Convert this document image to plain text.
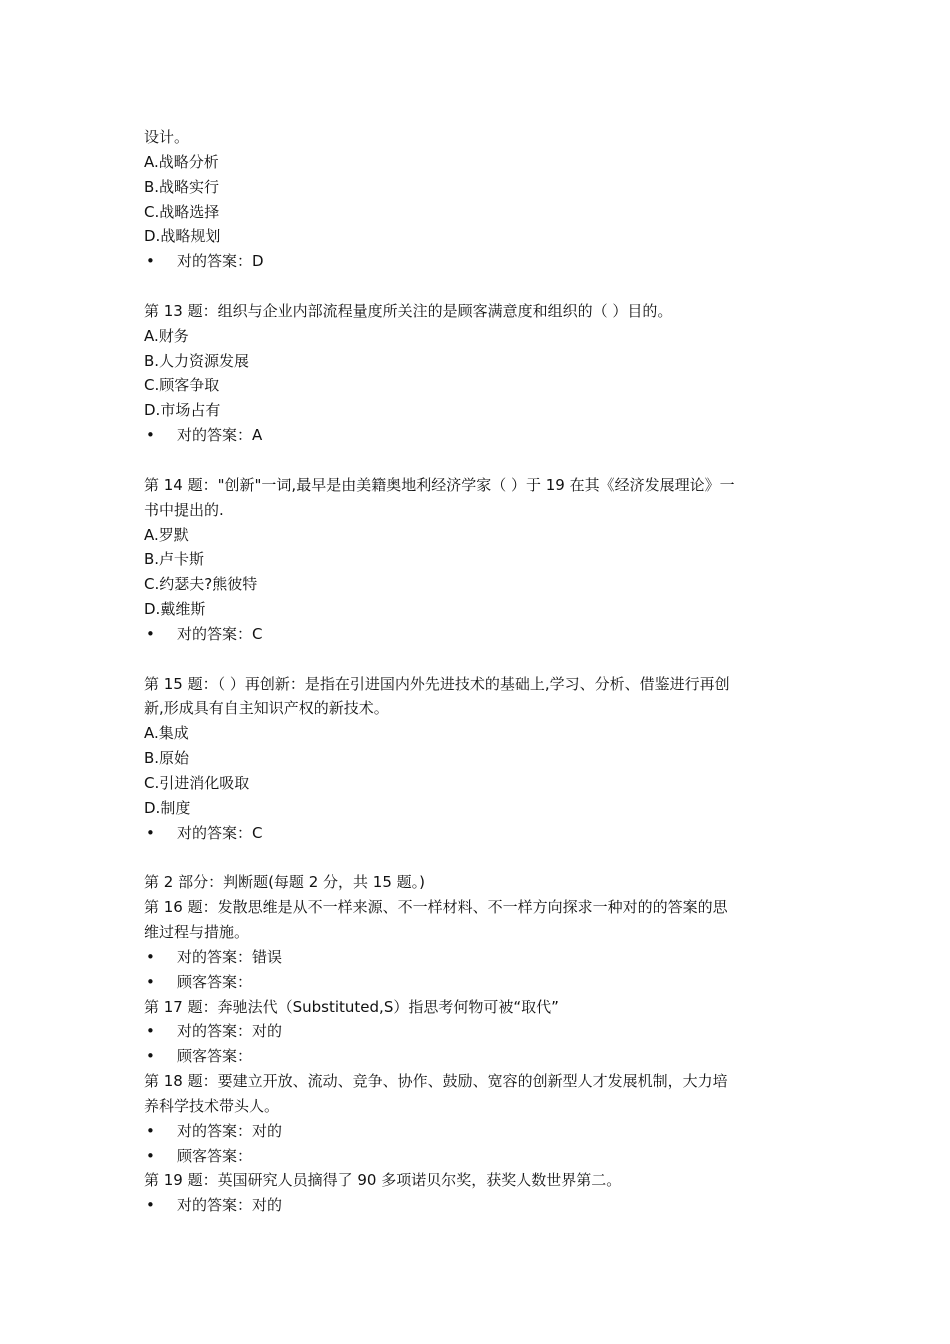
设计。
A.战略分析
B.战略实行
C.战略选择
D.战略规划
• 对的答案：D
第 13 题：组织与企业内部流程量度所关注的是顾客满意度和组织的（ ）目的。
A.财务
B.人力资源发展
C.顾客争取
D.市场占有
• 对的答案：A
第 14 题："创新"一词,最早是由美籍奥地利经济学家（ ）于 19 在其《经济发展理论》一
书中提出的.
A.罗默
B.卢卡斯
C.约瑟夫?熊彼特
D.戴维斯
• 对的答案：C
第 15 题：（ ）再创新：是指在引进国内外先进技术的基础上,学习、分析、借鉴进行再创
新,形成具有自主知识产权的新技术。
A.集成
B.原始
C.引进消化吸取
D.制度
• 对的答案：C
第 2 部分：判断题(每题 2 分，共 15 题。)
第 16 题：发散思维是从不一样来源、不一样材料、不一样方向探求一种对的的答案的思
维过程与措施。
• 对的答案：错误
• 顾客答案：
第 17 题：奔驰法代（Substituted,S）指思考何物可被“取代”
• 对的答案：对的
• 顾客答案：
第 18 题：要建立开放、流动、竞争、协作、鼓励、宽容的创新型人才发展机制，大力培
养科学技术带头人。
• 对的答案：对的
• 顾客答案：
第 19 题：英国研究人员摘得了 90 多项诺贝尔奖，获奖人数世界第二。
• 对的答案：对的
